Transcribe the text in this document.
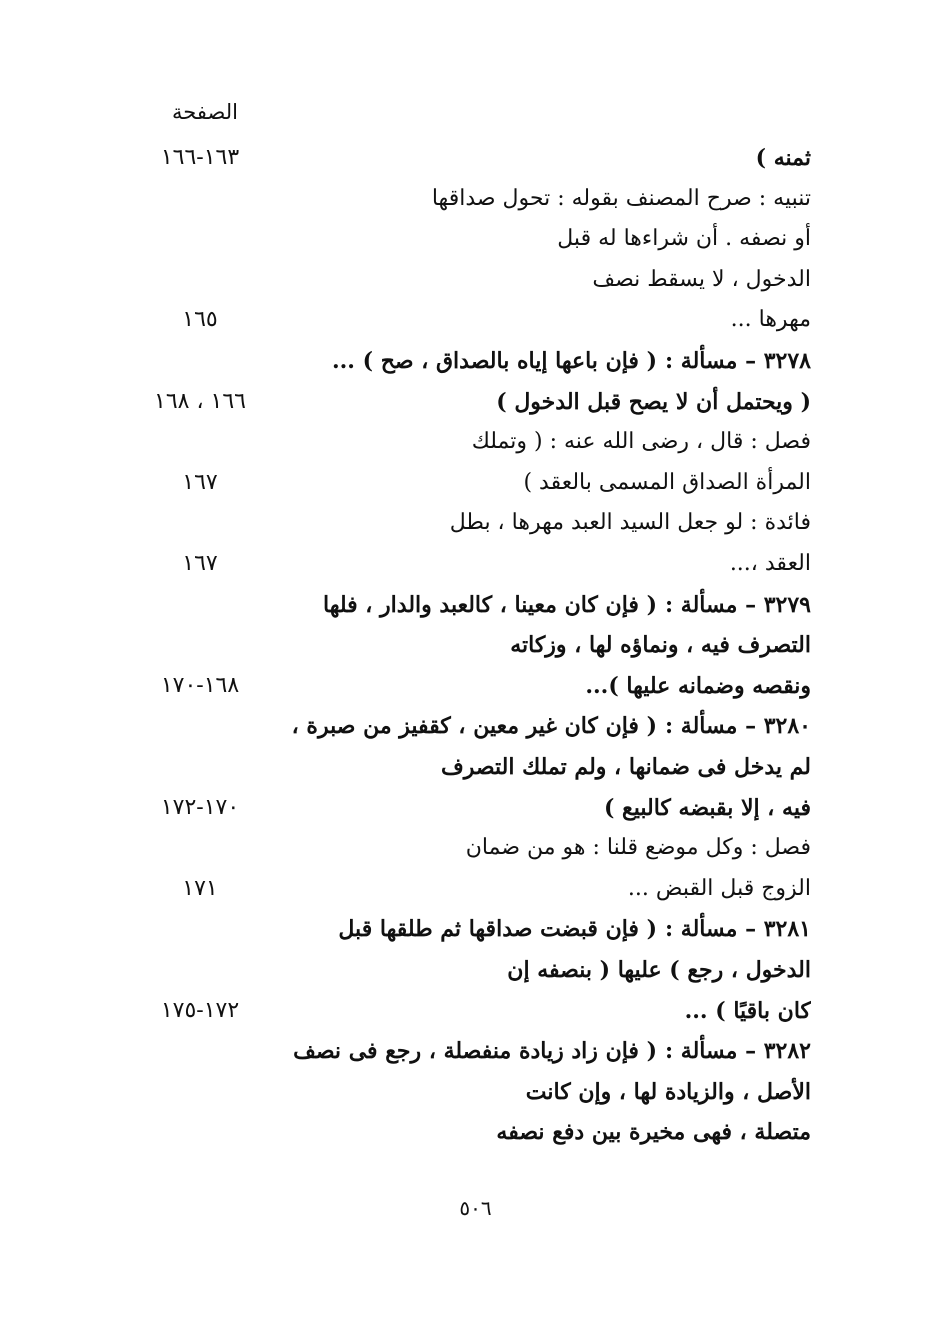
الصفحة
ثمنه )
١٦٣-١٦٦
تنبيه : صرح المصنف بقوله : تحول صداقها
أو نصفه . أن شراءها له قبل
الدخول ، لا يسقط نصف
مهرها ...
١٦٥
٣٢٧٨ – مسألة :( فإن باعها إياه بالصداق ، صح ) ...
( ويحتمل أن لا يصح قبل الدخول )
١٦٦ ، ١٦٨
فصل : قال ، رضى الله عنه : ( وتملك
المرأة الصداق المسمى بالعقد )
١٦٧
فائدة : لو جعل السيد العبد مهرها ، بطل
العقد ،...
١٦٧
٣٢٧٩ – مسألة :( فإن كان معينا ، كالعبد والدار ، فلها
التصرف فيه ، ونماؤه لها ، وزكاته
ونقصه وضمانه عليها )...
١٦٨-١٧٠
٣٢٨٠ – مسألة :( فإن كان غير معين ، كقفيز من صبرة ،
لم يدخل فى ضمانها ، ولم تملك التصرف
فيه ، إلا بقبضه كالبيع )
١٧٠-١٧٢
فصل : وكل موضع قلنا : هو من ضمان
الزوج قبل القبض ...
١٧١
٣٢٨١ – مسألة :( فإن قبضت صداقها ثم طلقها قبل
الدخول ، رجع ) عليها ( بنصفه إن
كان باقيًا ) ...
١٧٢-١٧٥
٣٢٨٢ – مسألة :( فإن زاد زيادة منفصلة ، رجع فى نصف
الأصل ، والزيادة لها ، وإن كانت
متصلة ، فهى مخيرة بين دفع نصفه
٥٠٦
